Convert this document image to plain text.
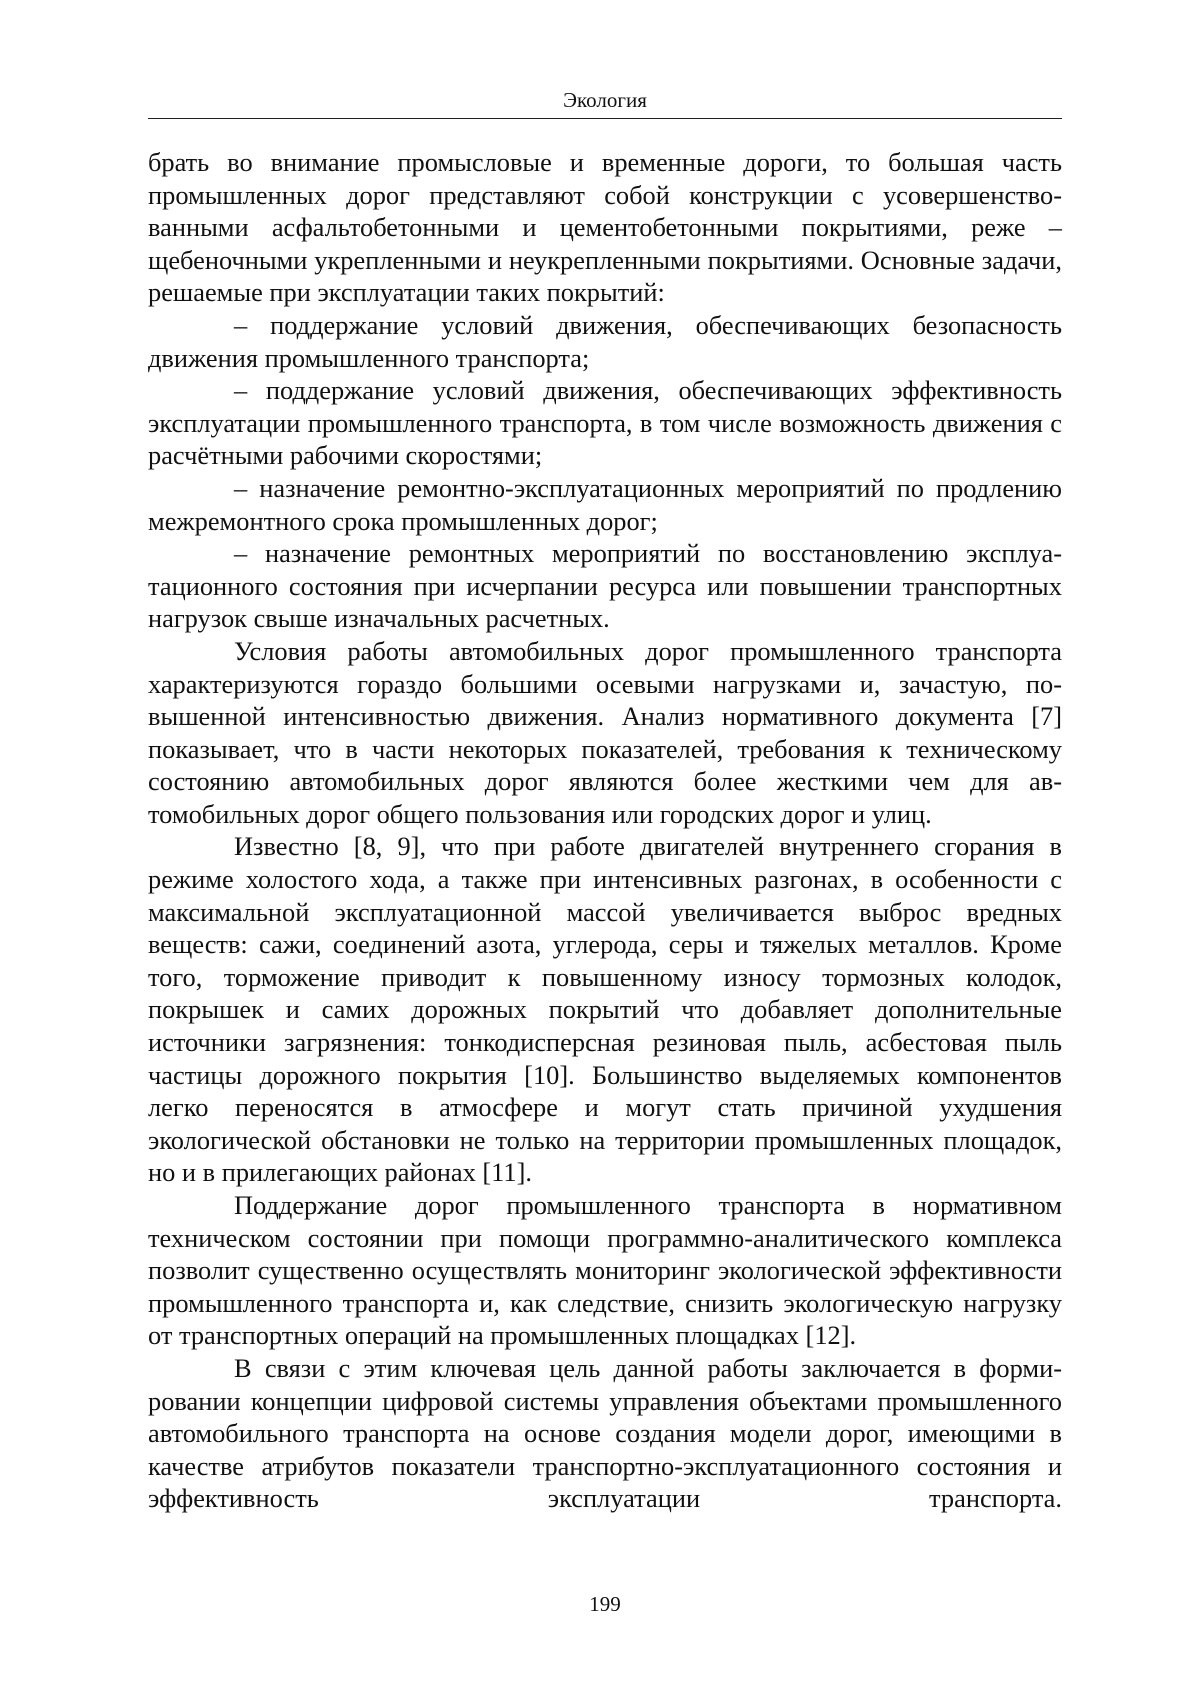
Экология

брать во внимание промысловые и временные дороги, то большая часть промышленных дорог представляют собой конструкции с усовершенствованными асфальтобетонными и цементобетонными покрытиями, реже – щебеночными укрепленными и неукрепленными покрытиями. Основные задачи, решаемые при эксплуатации таких покрытий:

– поддержание условий движения, обеспечивающих безопасность движения промышленного транспорта;

– поддержание условий движения, обеспечивающих эффективность эксплуатации промышленного транспорта, в том числе возможность движения с расчётными рабочими скоростями;

– назначение ремонтно-эксплуатационных мероприятий по продлению межремонтного срока промышленных дорог;

– назначение ремонтных мероприятий по восстановлению эксплуатационного состояния при исчерпании ресурса или повышении транспортных нагрузок свыше изначальных расчетных.

Условия работы автомобильных дорог промышленного транспорта характеризуются гораздо большими осевыми нагрузками и, зачастую, повышенной интенсивностью движения. Анализ нормативного документа [7] показывает, что в части некоторых показателей, требования к техническому состоянию автомобильных дорог являются более жесткими чем для автомобильных дорог общего пользования или городских дорог и улиц.

Известно [8, 9], что при работе двигателей внутреннего сгорания в режиме холостого хода, а также при интенсивных разгонах, в особенности с максимальной эксплуатационной массой увеличивается выброс вредных веществ: сажи, соединений азота, углерода, серы и тяжелых металлов. Кроме того, торможение приводит к повышенному износу тормозных колодок, покрышек и самих дорожных покрытий что добавляет дополнительные источники загрязнения: тонкодисперсная резиновая пыль, асбестовая пыль частицы дорожного покрытия [10]. Большинство выделяемых компонентов легко переносятся в атмосфере и могут стать причиной ухудшения экологической обстановки не только на территории промышленных площадок, но и в прилегающих районах [11].

Поддержание дорог промышленного транспорта в нормативном техническом состоянии при помощи программно-аналитического комплекса позволит существенно осуществлять мониторинг экологической эффективности промышленного транспорта и, как следствие, снизить экологическую нагрузку от транспортных операций на промышленных площадках [12].

В связи с этим ключевая цель данной работы заключается в формировании концепции цифровой системы управления объектами промышленного автомобильного транспорта на основе создания модели дорог, имеющими в качестве атрибутов показатели транспортно-эксплуатационного состояния и эффективность эксплуатации транспорта.

199
